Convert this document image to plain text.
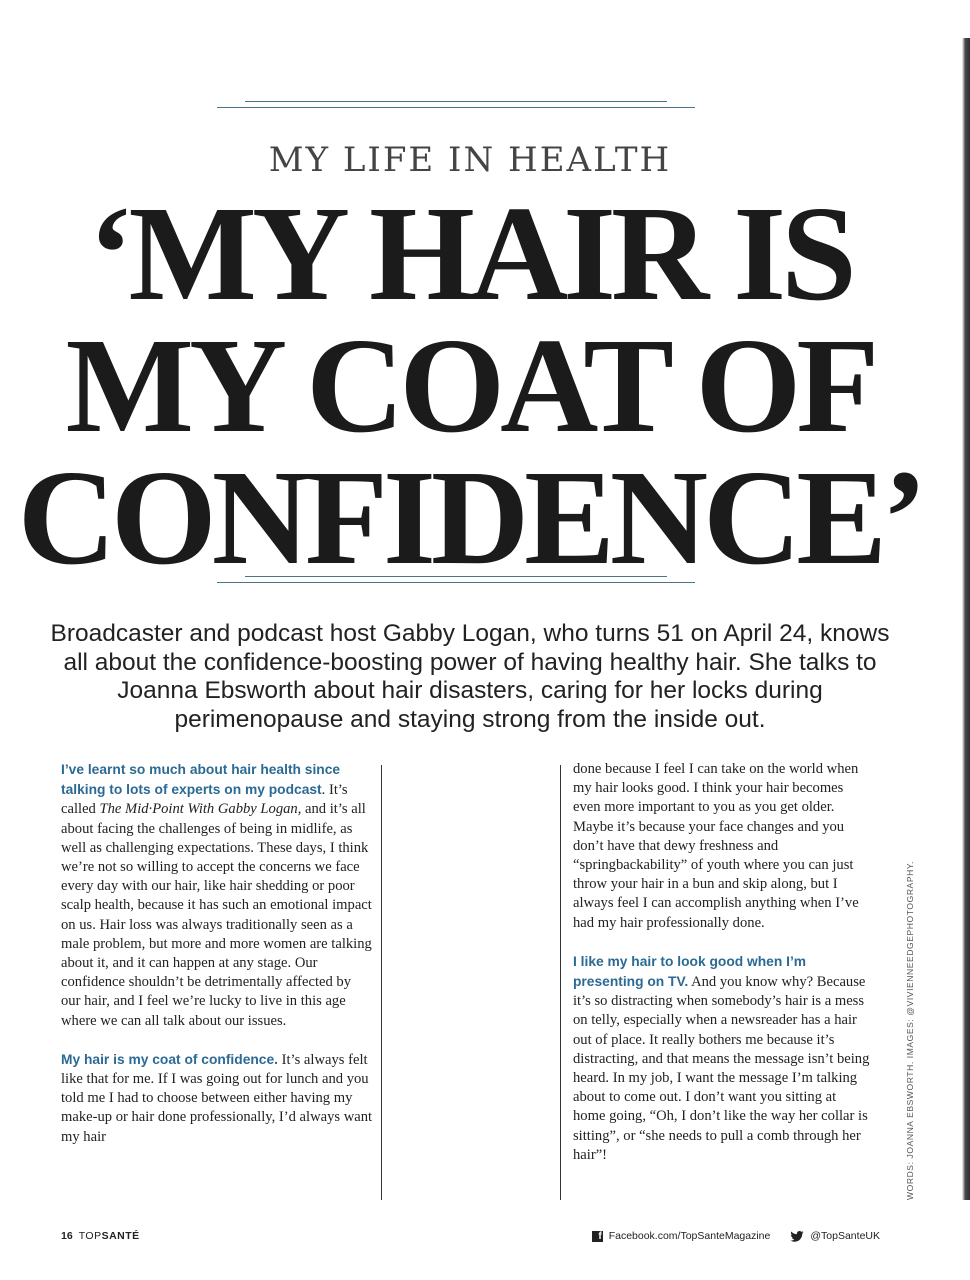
MY LIFE IN HEALTH
‘MY HAIR IS
MY COAT OF
CONFIDENCE’
Broadcaster and podcast host Gabby Logan, who turns 51 on April 24, knows all about the confidence-boosting power of having healthy hair. She talks to Joanna Ebsworth about hair disasters, caring for her locks during perimenopause and staying strong from the inside out.

I’ve learnt so much about hair health since talking to lots of experts on my podcast. It’s called The Mid·Point With Gabby Logan, and it’s all about facing the challenges of being in midlife, as well as challenging expectations. These days, I think we’re not so willing to accept the concerns we face every day with our hair, like hair shedding or poor scalp health, because it has such an emotional impact on us. Hair loss was always traditionally seen as a male problem, but more and more women are talking about it, and it can happen at any stage. Our confidence shouldn’t be detrimentally affected by our hair, and I feel we’re lucky to live in this age where we can all talk about our issues.

My hair is my coat of confidence. It’s always felt like that for me. If I was going out for lunch and you told me I had to choose between either having my make-up or hair done professionally, I’d always want my hair

done because I feel I can take on the world when my hair looks good. I think your hair becomes even more important to you as you get older. Maybe it’s because your face changes and you don’t have that dewy freshness and “springbackability” of youth where you can just throw your hair in a bun and skip along, but I always feel I can accomplish anything when I’ve had my hair professionally done.

I like my hair to look good when I’m presenting on TV. And you know why? Because it’s so distracting when somebody’s hair is a mess on telly, especially when a newsreader has a hair out of place. It really bothers me because it’s distracting, and that means the message isn’t being heard. In my job, I want the message I’m talking about to come out. I don’t want you sitting at home going, “Oh, I don’t like the way her collar is sitting”, or “she needs to pull a comb through her hair”!	WORDS: JOANNA EBSWORTH. IMAGES: @VIVIENNEEDGEPHOTOGRAPHY.
16 TOPSANTÉ	f Facebook.com/TopSanteMagazine	@TopSanteUK
